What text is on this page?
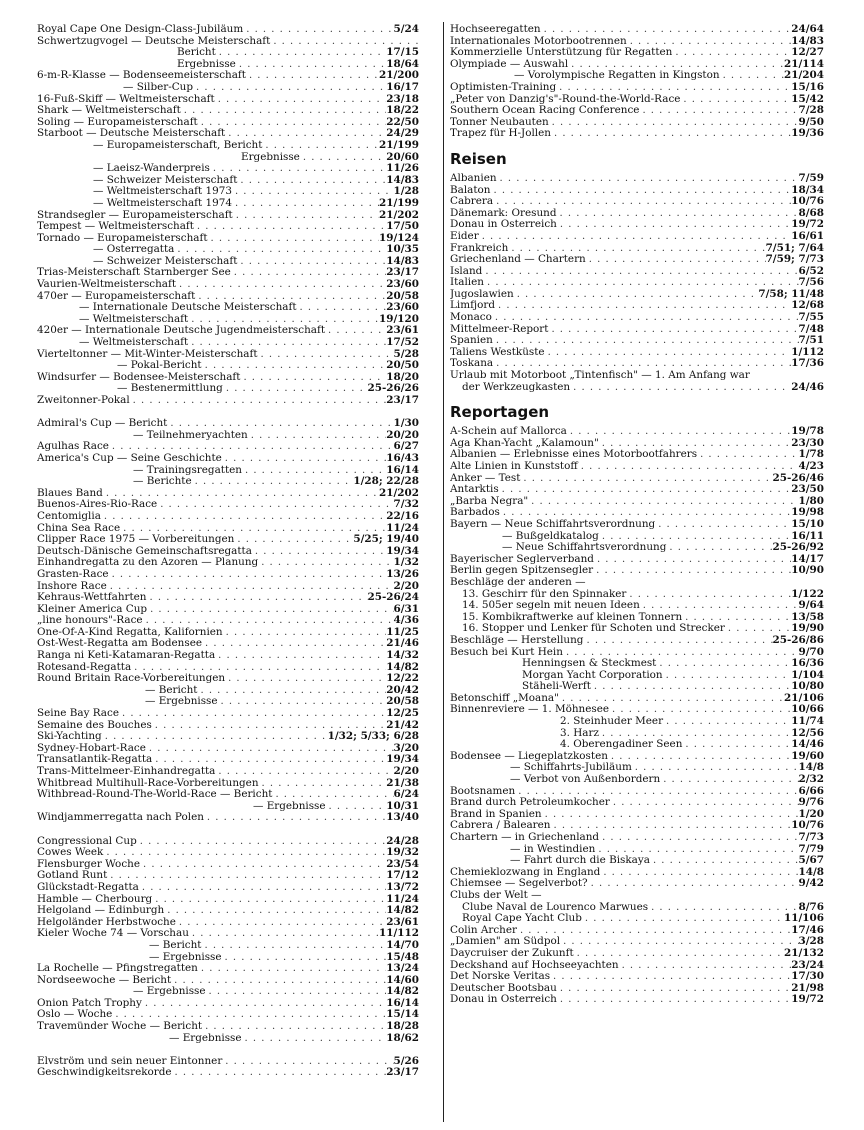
Royal Cape One Design-Class-Jubiläum . . .	5/24
Schwertzugvogel — Deutsche Meisterschaft
. . .
Bericht . . .	17/15
Ergebnisse . . .	18/64
6-m-R-Klasse — Bodenseemeisterschaft . . .	21/200
— Silber-Cup . . .	16/17
16-Fuß-Skiff — Weltmeisterschaft . . .	23/18
Shark — Weltmeisterschaft . . .	18/22
Soling — Europameisterschaft . . .	22/50
Starboot — Deutsche Meisterschaft . . .	24/29
— Europameisterschaft, Bericht . . .	21/199
Ergebnisse . . .	20/60
— Laeisz-Wanderpreis . . .	11/26
— Schweizer Meisterschaft . . .	14/83
— Weltmeisterschaft 1973 . . .	1/28
— Weltmeisterschaft 1974 . . .	21/199
Strandsegler — Europameisterschaft . . .	21/202
Tempest — Weltmeisterschaft . . .	17/50
Tornado — Europameisterschaft . . .	19/124
— Osterregatta . . .	10/35
— Schweizer Meisterschaft . . .	14/83
Trias-Meisterschaft Starnberger See . . .	23/17
Vaurien-Weltmeisterschaft . . .	23/60
470er — Europameisterschaft . . .	20/58
— Internationale Deutsche Meisterschaft . . .	23/60
— Weltmeisterschaft . . .	19/120
420er — Internationale Deutsche Jugendmeisterschaft . . .	23/61
— Weltmeisterschaft . . .	17/52
Vierteltonner — Mit-Winter-Meisterschaft . . .	5/28
— Pokal-Bericht . . .	20/50
Windsurfer — Bodensee-Meisterschaft . . .	18/20
— Bestenermittlung . . .	25-26/26
Zweitonner-Pokal . . .	23/17
Admiral's Cup — Bericht . . .	1/30
— Teilnehmeryachten . . .	20/20
Agulhas Race . . .	6/27
America's Cup — Seine Geschichte . . .	16/43
— Trainingsregatten . . .	16/14
— Berichte . . .	1/28; 22/28
Blaues Band . . .	21/202
Buenos-Aires-Rio-Race . . .	7/32
Centomiglia . . .	22/16
China Sea Race . . .	11/24
Clipper Race 1975 — Vorbereitungen . . .	5/25; 19/40
Deutsch-Dänische Gemeinschaftsregatta . . .	19/34
Einhandregatta zu den Azoren — Planung . . .	1/32
Grasten-Race . . .	13/26
Inshore Race . . .	2/20
Kehraus-Wettfahrten . . .	25-26/24
Kleiner America Cup . . .	6/31
„line honours"-Race . . .	4/36
One-Of-A-Kind Regatta, Kalifornien . . .	11/25
Ost-West-Regatta am Bodensee . . .	21/46
Ranga ni Keti-Katamaran-Regatta . . .	14/32
Rotesand-Regatta . . .	14/82
Round Britain Race-Vorbereitungen . . .	12/22
— Bericht . . .	20/42
— Ergebnisse . . .	20/58
Seine Bay Race . . .	12/25
Semaine des Bouches . . .	21/42
Ski-Yachting . . .	1/32; 5/33; 6/28
Sydney-Hobart-Race . . .	3/20
Transatlantik-Regatta . . .	19/34
Trans-Mittelmeer-Einhandregatta . . .	2/20
Whitbread Multihull-Race-Vorbereitungen . . .	21/38
Withbread-Round-The-World-Race — Bericht . . .	6/24
— Ergebnisse . . .	10/31
Windjammerregatta nach Polen . . .	13/40
Congressional Cup . . .	24/28
Cowes Week . . .	19/32
Flensburger Woche . . .	23/54
Gotland Runt . . .	17/12
Glückstadt-Regatta . . .	13/72
Hamble — Cherbourg . . .	11/24
Helgoland — Edinburgh . . .	14/82
Helgoländer Herbstwoche . . .	23/61
Kieler Woche 74 — Vorschau . . .	11/112
— Bericht . . .	14/70
— Ergebnisse . . .	15/48
La Rochelle — Pfingstregatten . . .	13/24
Nordseewoche — Bericht . . .	14/60
— Ergebnisse . . .	14/82
Onion Patch Trophy . . .	16/14
Oslo — Woche . . .	15/14
Travemünder Woche — Bericht . . .	18/28
— Ergebnisse . . .	18/62
Elvström und sein neuer Eintonner . . .	5/26
Geschwindigkeitsrekorde . . .	23/17
Hochseeregatten . . .	24/64
Internationales Motorbootrennen . . .	14/83
Kommerzielle Unterstützung für Regatten . . .	12/27
Olympiade — Auswahl . . .	21/114
— Vorolympische Regatten in Kingston . . .	21/204
Optimisten-Training . . .	15/16
„Peter von Danzig's"-Round-the-World-Race . . .	15/42
Southern Ocean Racing Conference . . .	7/28
Tonner Neubauten . . .	9/50
Trapez für H-Jollen . . .	19/36
Reisen
Albanien . . .	7/59
Balaton . . .	18/34
Cabrera . . .	10/76
Dänemark: Öresund . . .	8/68
Donau in Österreich . . .	19/72
Eider . . .	16/61
Frankreich . . .	7/51; 7/64
Griechenland — Chartern . . .	7/59; 7/73
Island . . .	6/52
Italien . . .	7/56
Jugoslawien . . .	7/58; 11/48
Limfjord . . .	12/68
Monaco . . .	7/55
Mittelmeer-Report . . .	7/48
Spanien . . .	7/51
Taliens Westküste . . .	1/112
Toskana . . .	17/36
Urlaub mit Motorboot „Tintenfisch" — 1. Am Anfang war
der Werkzeugkasten . . .	24/46
Reportagen
A-Schein auf Mallorca . . .	19/78
Aga Khan-Yacht „Kalamoun" . . .	23/30
Albanien — Erlebnisse eines Motorbootfahrers . . .	1/78
Alte Linien in Kunststoff . . .	4/23
Anker — Test . . .	25-26/46
Antarktis . . .	23/50
„Barba Negra" . . .	1/80
Barbados . . .	19/98
Bayern — Neue Schiffahrtsverordnung . . .	15/10
— Bußgeldkatalog . . .	16/11
— Neue Schiffahrtsverordnung . . .	25-26/92
Bayerischer Seglerverband . . .	14/17
Berlin gegen Spitzensegler . . .	10/90
Beschläge der anderen —
13. Geschirr für den Spinnaker . . .	1/122
14. 505er segeln mit neuen Ideen . . .	9/64
15. Kombikraftwerke auf kleinen Tonnern . . .	13/58
16. Stopper und Lenker für Schoten und Strecker . . .	19/90
Beschläge — Herstellung . . .	25-26/86
Besuch bei Kurt Hein . . .	9/70
Henningsen & Steckmest . . .	16/36
Morgan Yacht Corporation . . .	1/104
Stäheli-Werft . . .	10/80
Betonschiff „Moana" . . .	21/106
Binnenreviere — 1. Möhnesee . . .	10/66
2. Steinhuder Meer . . .	11/74
3. Harz . . .	12/56
4. Oberengadiner Seen . . .	14/46
Bodensee — Liegeplatzkosten . . .	19/60
— Schiffahrts-Jubiläum . . .	14/8
— Verbot von Außenbordern . . .	2/32
Bootsnamen . . .	6/66
Brand durch Petroleumkocher . . .	9/76
Brand in Spanien . . .	1/20
Cabrera / Balearen . . .	10/76
Chartern — in Griechenland . . .	7/73
— in Westindien . . .	7/79
— Fahrt durch die Biskaya . . .	5/67
Chemieklozwang in England . . .	14/8
Chiemsee — Segelverbot? . . .	9/42
Clubs der Welt —
Clube Naval de Lourenco Marwues . . .	8/76
Royal Cape Yacht Club . . .	11/106
Colin Archer . . .	17/46
„Damien" am Südpol . . .	3/28
Daycruiser der Zukunft . . .	21/132
Deckshand auf Hochseeyachten . . .	23/24
Det Norske Veritas . . .	17/30
Deutscher Bootsbau . . .	21/98
Donau in Österreich . . .	19/72
